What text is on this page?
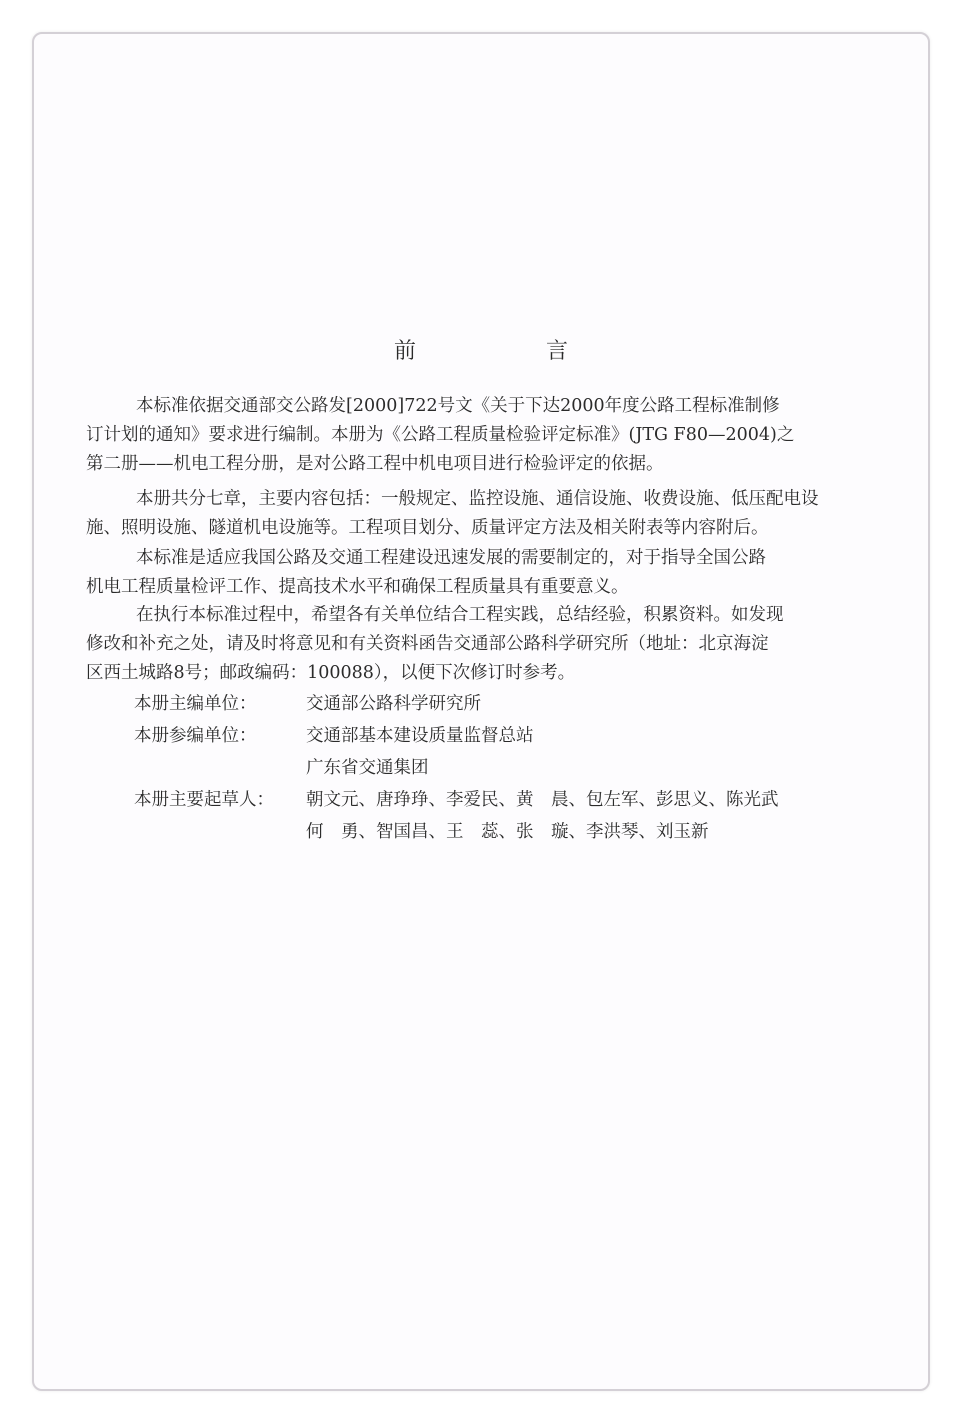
前　言

本标准依据交通部交公路发[2000]722号文《关于下达2000年度公路工程标准制修
订计划的通知》要求进行编制。本册为《公路工程质量检验评定标准》(JTG F80—2004)之
第二册——机电工程分册，是对公路工程中机电项目进行检验评定的依据。

本册共分七章，主要内容包括：一般规定、监控设施、通信设施、收费设施、低压配电设
施、照明设施、隧道机电设施等。工程项目划分、质量评定方法及相关附表等内容附后。

本标准是适应我国公路及交通工程建设迅速发展的需要制定的，对于指导全国公路
机电工程质量检评工作、提高技术水平和确保工程质量具有重要意义。

在执行本标准过程中，希望各有关单位结合工程实践，总结经验，积累资料。如发现
修改和补充之处，请及时将意见和有关资料函告交通部公路科学研究所（地址：北京海淀
区西土城路8号；邮政编码：100088），以便下次修订时参考。

本册主编单位：	交通部公路科学研究所
本册参编单位：	交通部基本建设质量监督总站
广东省交通集团
本册主要起草人：	朝文元、唐琤琤、李爱民、黄　晨、包左军、彭思义、陈光武
何　勇、智国昌、王　蕊、张　璇、李洪琴、刘玉新
